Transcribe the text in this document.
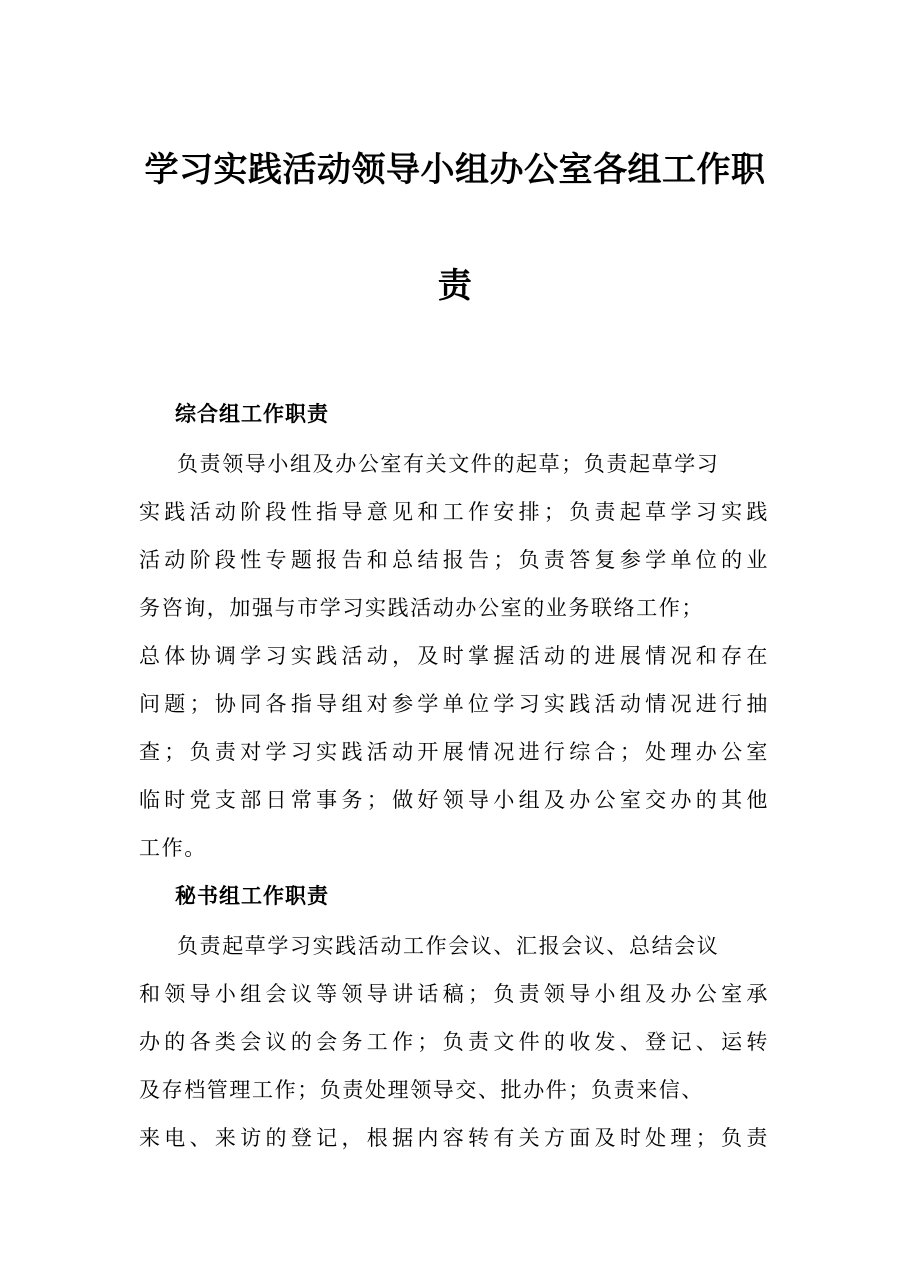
学习实践活动领导小组办公室各组工作职
责
综合组工作职责

负责领导小组及办公室有关文件的起草；负责起草学习

实践活动阶段性指导意见和工作安排；负责起草学习实践

活动阶段性专题报告和总结报告；负责答复参学单位的业

务咨询，加强与市学习实践活动办公室的业务联络工作；

总体协调学习实践活动，及时掌握活动的进展情况和存在

问题；协同各指导组对参学单位学习实践活动情况进行抽

查；负责对学习实践活动开展情况进行综合；处理办公室

临时党支部日常事务；做好领导小组及办公室交办的其他

工作。

秘书组工作职责

负责起草学习实践活动工作会议、汇报会议、总结会议

和领导小组会议等领导讲话稿；负责领导小组及办公室承

办的各类会议的会务工作；负责文件的收发、登记、运转

及存档管理工作；负责处理领导交、批办件；负责来信、

来电、来访的登记，根据内容转有关方面及时处理；负责
